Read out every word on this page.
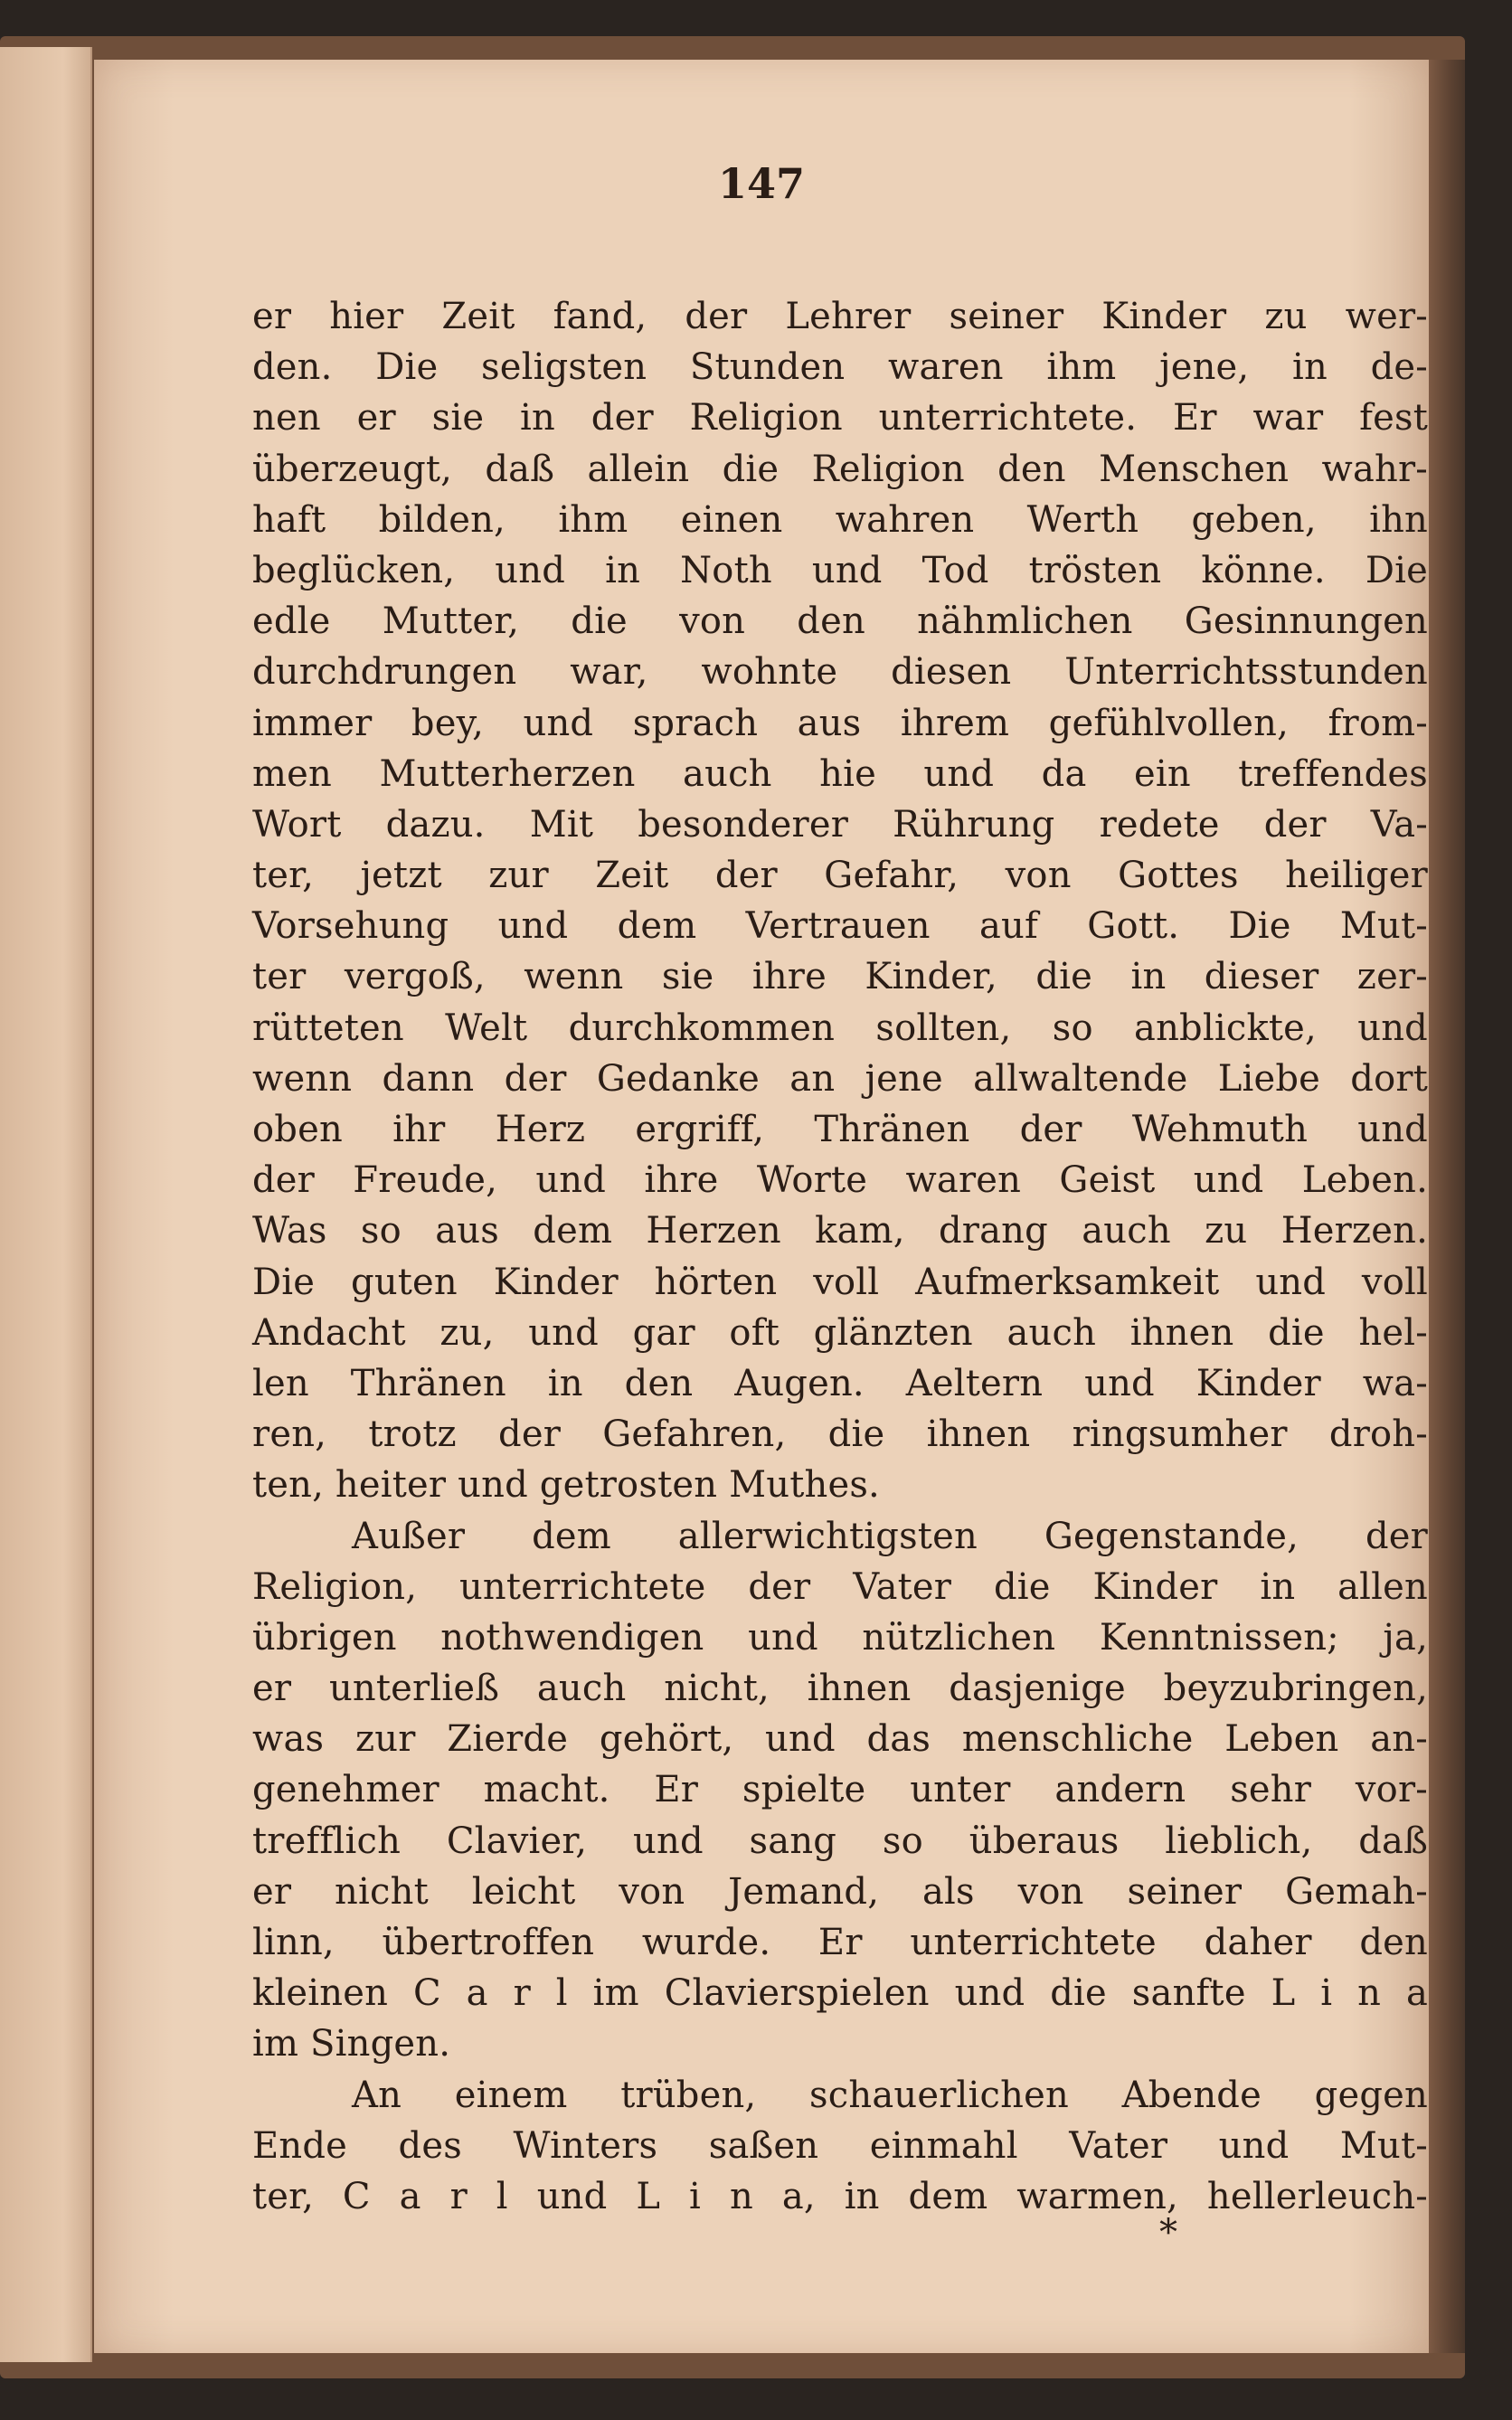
147
er hier Zeit fand, der Lehrer seiner Kinder zu wer-
den. Die seligsten Stunden waren ihm jene, in de-
nen er sie in der Religion unterrichtete. Er war fest
überzeugt, daß allein die Religion den Menschen wahr-
haft bilden, ihm einen wahren Werth geben, ihn
beglücken, und in Noth und Tod trösten könne. Die
edle Mutter, die von den nähmlichen Gesinnungen
durchdrungen war, wohnte diesen Unterrichtsstunden
immer bey, und sprach aus ihrem gefühlvollen, from-
men Mutterherzen auch hie und da ein treffendes
Wort dazu. Mit besonderer Rührung redete der Va-
ter, jetzt zur Zeit der Gefahr, von Gottes heiliger
Vorsehung und dem Vertrauen auf Gott. Die Mut-
ter vergoß, wenn sie ihre Kinder, die in dieser zer-
rütteten Welt durchkommen sollten, so anblickte, und
wenn dann der Gedanke an jene allwaltende Liebe dort
oben ihr Herz ergriff, Thränen der Wehmuth und
der Freude, und ihre Worte waren Geist und Leben.
Was so aus dem Herzen kam, drang auch zu Herzen.
Die guten Kinder hörten voll Aufmerksamkeit und voll
Andacht zu, und gar oft glänzten auch ihnen die hel-
len Thränen in den Augen. Aeltern und Kinder wa-
ren, trotz der Gefahren, die ihnen ringsumher droh-
ten, heiter und getrosten Muthes.
Außer dem allerwichtigsten Gegenstande, der
Religion, unterrichtete der Vater die Kinder in allen
übrigen nothwendigen und nützlichen Kenntnissen; ja,
er unterließ auch nicht, ihnen dasjenige beyzubringen,
was zur Zierde gehört, und das menschliche Leben an-
genehmer macht. Er spielte unter andern sehr vor-
trefflich Clavier, und sang so überaus lieblich, daß
er nicht leicht von Jemand, als von seiner Gemah-
linn, übertroffen wurde. Er unterrichtete daher den
kleinen C a r l im Clavierspielen und die sanfte L i n a
im Singen.
An einem trüben, schauerlichen Abende gegen
Ende des Winters saßen einmahl Vater und Mut-
ter, C a r l und L i n a, in dem warmen, hellerleuch-
*
